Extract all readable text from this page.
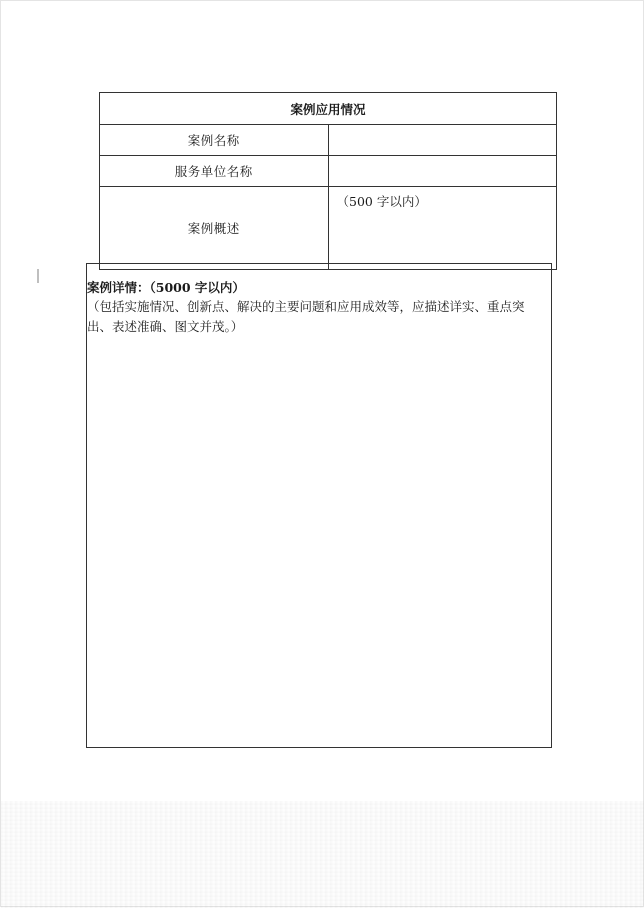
案例应用情况	
案例名称	
服务单位名称	
案例概述	（500 字以内）

案例详情：（5000 字以内）

（包括实施情况、创新点、解决的主要问题和应用成效等，应描述详实、重点突出、表述准确、图文并茂。）
